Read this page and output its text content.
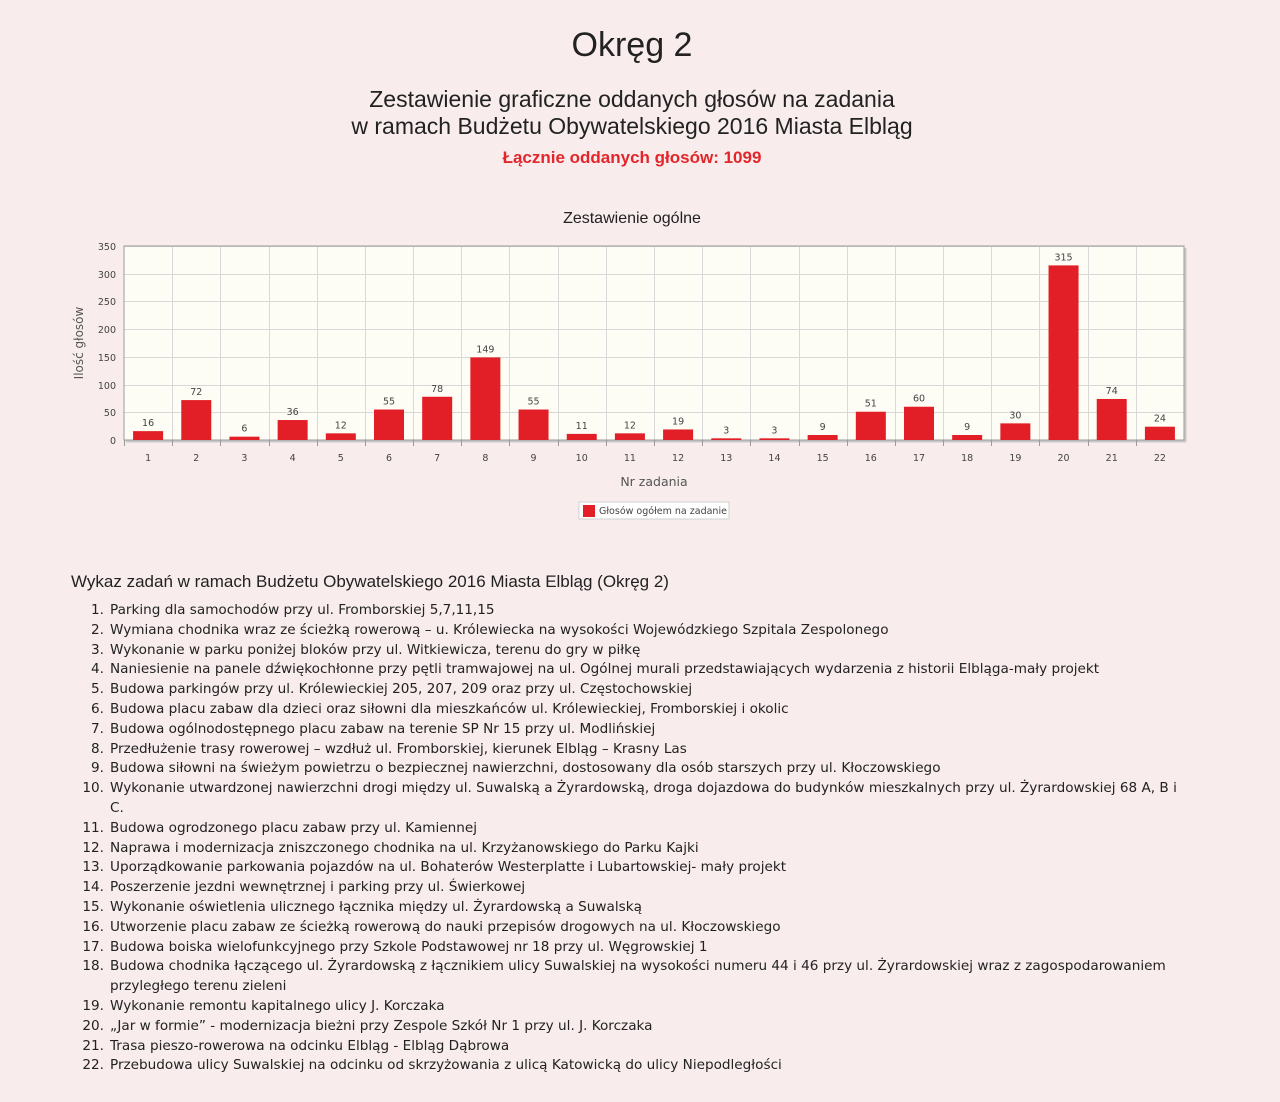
Okręg 2
Zestawienie graficzne oddanych głosów na zadania
w ramach Budżetu Obywatelskiego 2016 Miasta Elbląg
Łącznie oddanych głosów: 1099
Zestawienie ogólne
0
50
100
150
200
250
300
350
1	2	3	4	5	6	7	8	9	10	11	12	13	14	15	16	17	18	19	20	21	22
16
72
6
36
12
55
78
149
55
11	12	19
3	3	9
51	60
9
30
315
74
24
Ilość głosów
Nr zadania
Głosów ogółem na zadanie
Wykaz zadań w ramach Budżetu Obywatelskiego 2016 Miasta Elbląg (Okręg 2)
1. Parking dla samochodów przy ul. Fromborskiej 5,7,11,15
2. Wymiana chodnika wraz ze ścieżką rowerową – u. Królewiecka na wysokości Wojewódzkiego Szpitala Zespolonego
3. Wykonanie w parku poniżej bloków przy ul. Witkiewicza, terenu do gry w piłkę
4. Naniesienie na panele dźwiękochłonne przy pętli tramwajowej na ul. Ogólnej murali przedstawiających wydarzenia z historii Elbląga-mały projekt
5. Budowa parkingów przy ul. Królewieckiej 205, 207, 209 oraz przy ul. Częstochowskiej
6. Budowa placu zabaw dla dzieci oraz siłowni dla mieszkańców ul. Królewieckiej, Fromborskiej i okolic
7. Budowa ogólnodostępnego placu zabaw na terenie SP Nr 15 przy ul. Modlińskiej
8. Przedłużenie trasy rowerowej – wzdłuż ul. Fromborskiej, kierunek Elbląg – Krasny Las
9. Budowa siłowni na świeżym powietrzu o bezpiecznej nawierzchni, dostosowany dla osób starszych przy ul. Kłoczowskiego
10. Wykonanie utwardzonej nawierzchni drogi między ul. Suwalską a Żyrardowską, droga dojazdowa do budynków mieszkalnych przy ul. Żyrardowskiej 68 A, B i C.
11. Budowa ogrodzonego placu zabaw przy ul. Kamiennej
12. Naprawa i modernizacja zniszczonego chodnika na ul. Krzyżanowskiego do Parku Kajki
13. Uporządkowanie parkowania pojazdów na ul. Bohaterów Westerplatte i Lubartowskiej- mały projekt
14. Poszerzenie jezdni wewnętrznej i parking przy ul. Świerkowej
15. Wykonanie oświetlenia ulicznego łącznika między ul. Żyrardowską a Suwalską
16. Utworzenie placu zabaw ze ścieżką rowerową do nauki przepisów drogowych na ul. Kłoczowskiego
17. Budowa boiska wielofunkcyjnego przy Szkole Podstawowej nr 18 przy ul. Węgrowskiej 1
18. Budowa chodnika łączącego ul. Żyrardowską z łącznikiem ulicy Suwalskiej na wysokości numeru 44 i 46 przy ul. Żyrardowskiej wraz z zagospodarowaniem przyległego terenu zieleni
19. Wykonanie remontu kapitalnego ulicy J. Korczaka
20. „Jar w formie” - modernizacja bieżni przy Zespole Szkół Nr 1 przy ul. J. Korczaka
21. Trasa pieszo-rowerowa na odcinku Elbląg - Elbląg Dąbrowa
22. Przebudowa ulicy Suwalskiej na odcinku od skrzyżowania z ulicą Katowicką do ulicy Niepodległości
